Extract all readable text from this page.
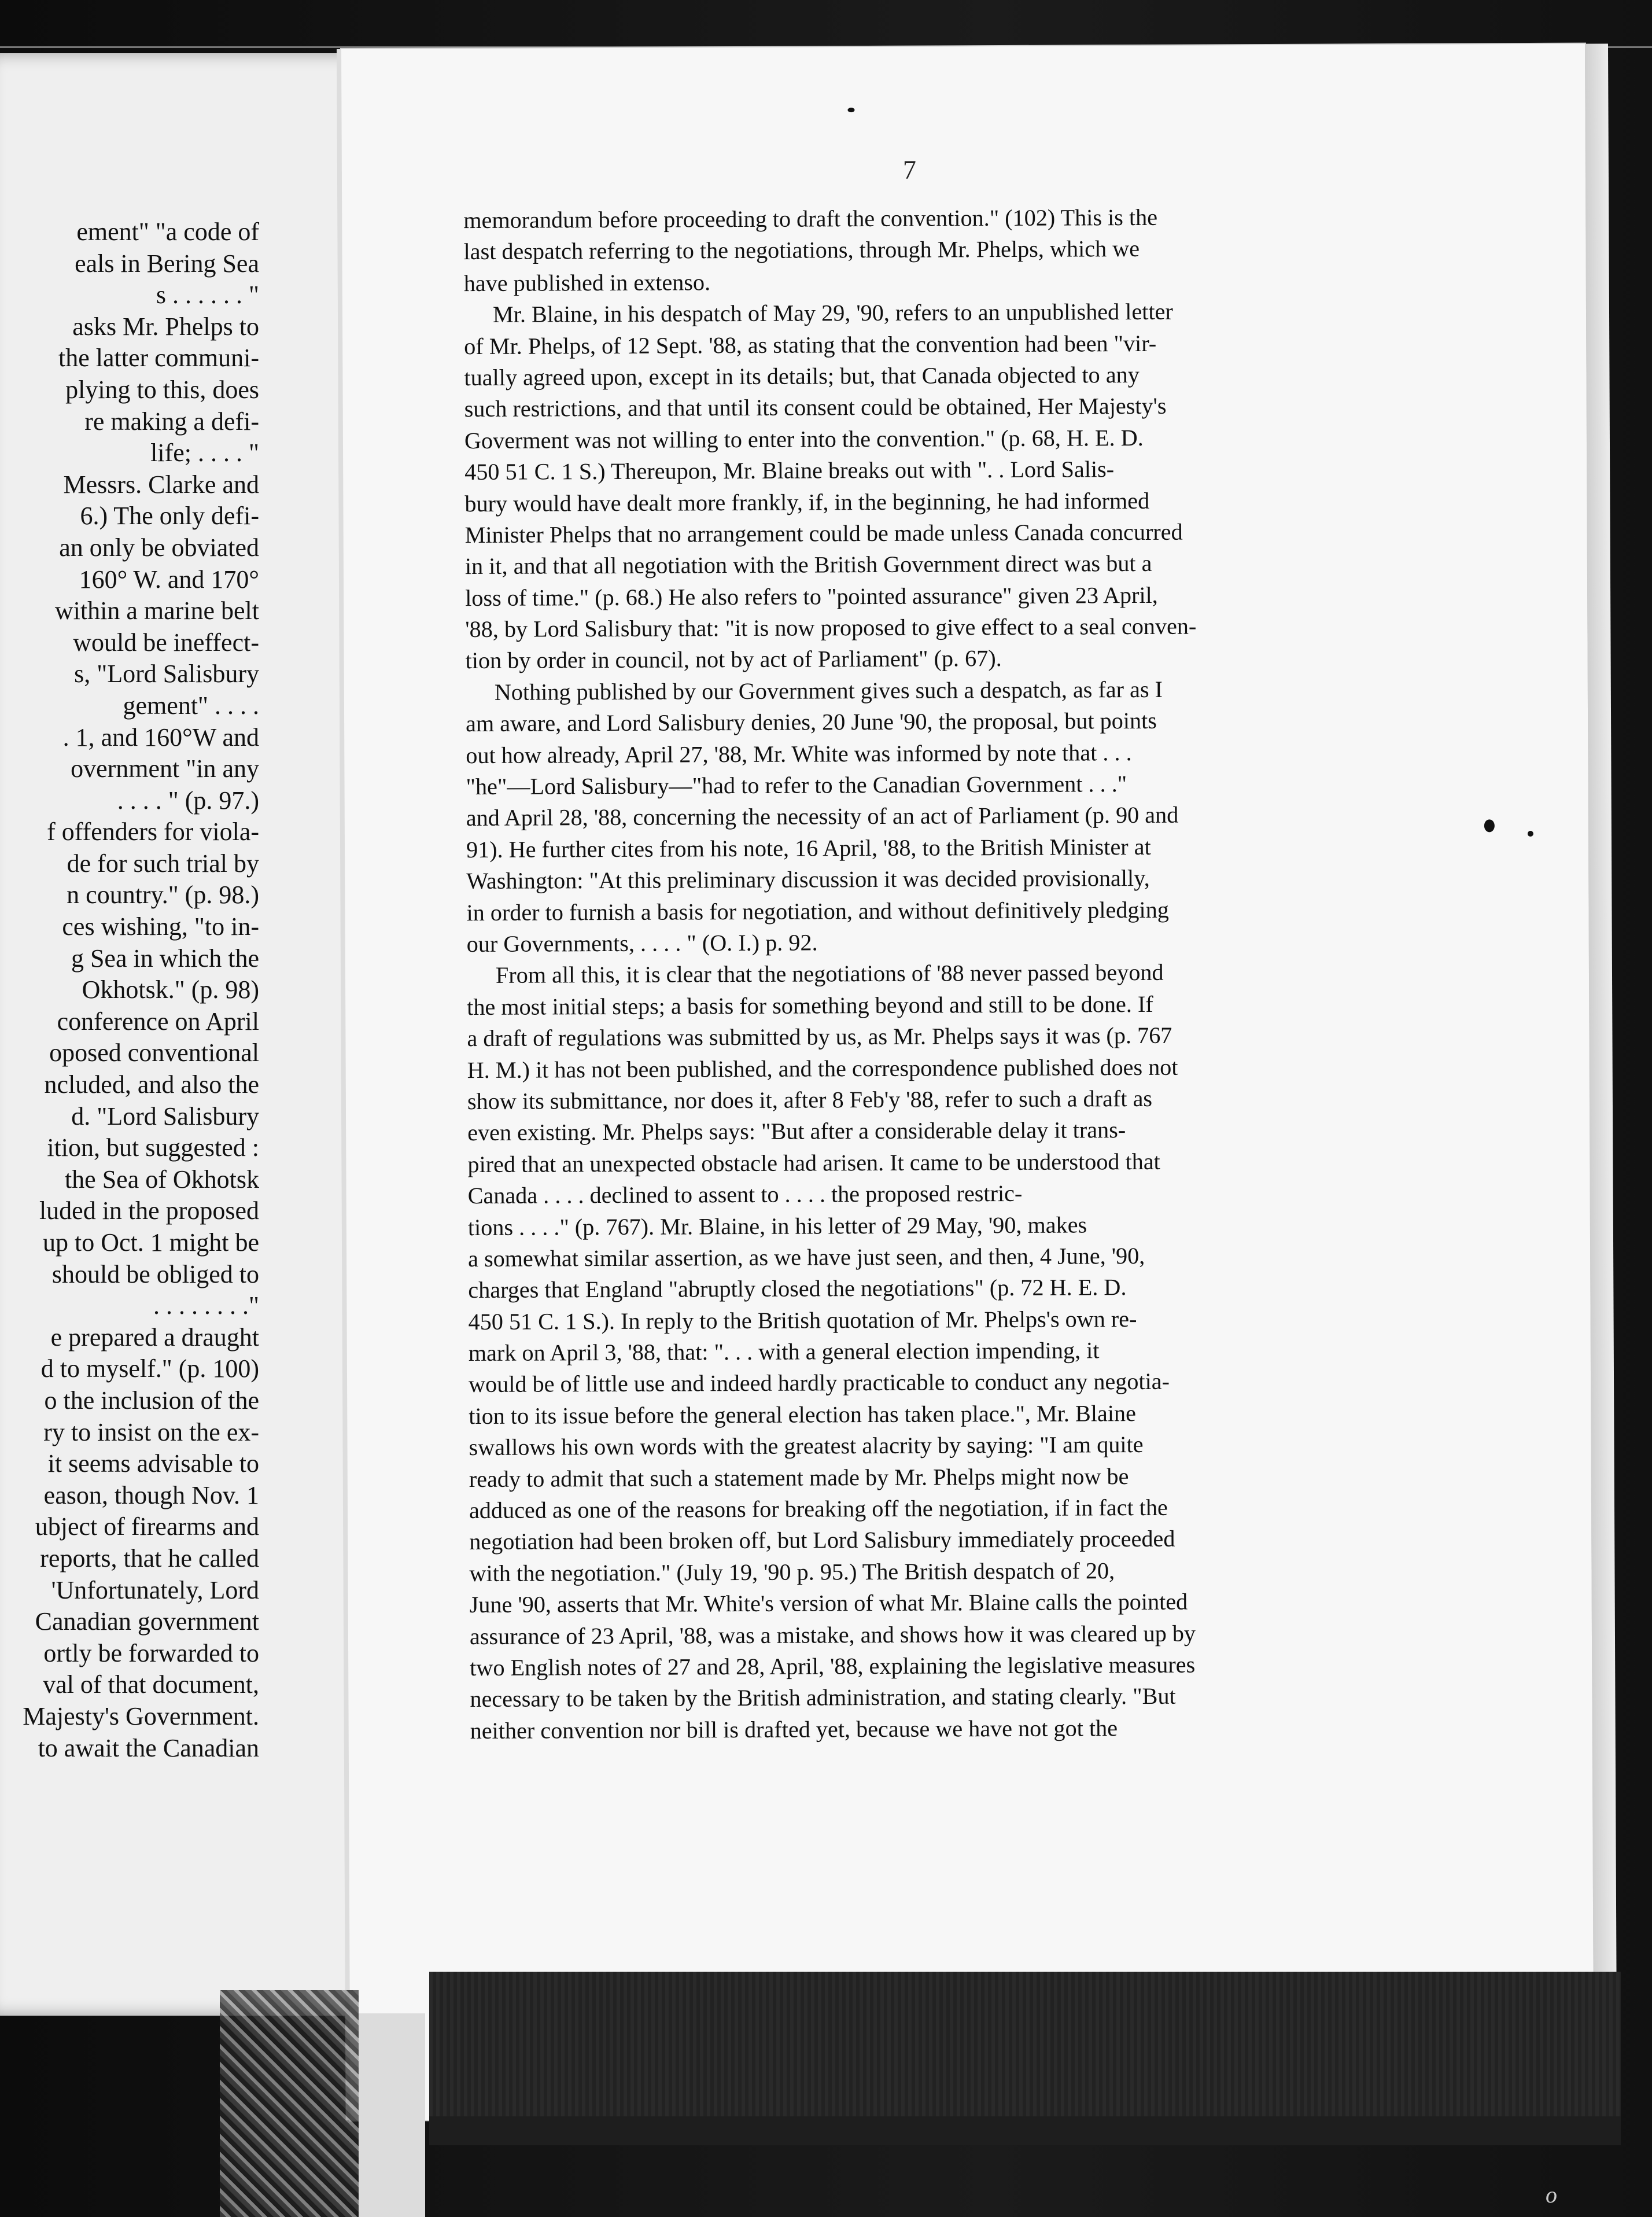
o
ement" "a code of
eals in Bering Sea
s . . . . . . "
asks Mr. Phelps to
the latter communi-
plying to this, does
re making a defi-
life; . . . . "
Messrs. Clarke and
6.) The only defi-
an only be obviated
160° W. and 170°
within a marine belt
would be ineffect-
s, "Lord Salisbury
gement" . . . .
. 1, and 160°W and
overnment "in any
. . . . " (p. 97.)
f offenders for viola-
de for such trial by
n country." (p. 98.)
ces wishing, "to in-
g Sea in which the
Okhotsk." (p. 98)
conference on April
oposed conventional
ncluded, and also the
d. "Lord Salisbury
ition, but suggested :
the Sea of Okhotsk
luded in the proposed
up to Oct. 1 might be
should be obliged to
. . . . . . . ."
e prepared a draught
d to myself." (p. 100)
o the inclusion of the
ry to insist on the ex-
it seems advisable to
eason, though Nov. 1
ubject of firearms and
reports, that he called
'Unfortunately, Lord
Canadian government
ortly be forwarded to
val of that document,
Majesty's Government.
to await the Canadian
7
memorandum before proceeding to draft the convention." (102) This is the
last despatch referring to the negotiations, through Mr. Phelps, which we
have published in extenso.
Mr. Blaine, in his despatch of May 29, '90, refers to an unpublished letter
of Mr. Phelps, of 12 Sept. '88, as stating that the convention had been "vir-
tually agreed upon, except in its details; but, that Canada objected to any
such restrictions, and that until its consent could be obtained, Her Majesty's
Goverment was not willing to enter into the convention." (p. 68, H. E. D.
450 51 C. 1 S.) Thereupon, Mr. Blaine breaks out with ". . Lord Salis-
bury would have dealt more frankly, if, in the beginning, he had informed
Minister Phelps that no arrangement could be made unless Canada concurred
in it, and that all negotiation with the British Government direct was but a
loss of time." (p. 68.) He also refers to "pointed assurance" given 23 April,
'88, by Lord Salisbury that: "it is now proposed to give effect to a seal conven-
tion by order in council, not by act of Parliament" (p. 67).
Nothing published by our Government gives such a despatch, as far as I
am aware, and Lord Salisbury denies, 20 June '90, the proposal, but points
out how already, April 27, '88, Mr. White was informed by note that . . .
"he"—Lord Salisbury—"had to refer to the Canadian Government . . ."
and April 28, '88, concerning the necessity of an act of Parliament (p. 90 and
91). He further cites from his note, 16 April, '88, to the British Minister at
Washington: "At this preliminary discussion it was decided provisionally,
in order to furnish a basis for negotiation, and without definitively pledging
our Governments, . . . . " (O. I.) p. 92.
From all this, it is clear that the negotiations of '88 never passed beyond
the most initial steps; a basis for something beyond and still to be done. If
a draft of regulations was submitted by us, as Mr. Phelps says it was (p. 767
H. M.) it has not been published, and the correspondence published does not
show its submittance, nor does it, after 8 Feb'y '88, refer to such a draft as
even existing. Mr. Phelps says: "But after a considerable delay it trans-
pired that an unexpected obstacle had arisen. It came to be understood that
Canada . . . . declined to assent to . . . . the proposed restric-
tions . . . ." (p. 767). Mr. Blaine, in his letter of 29 May, '90, makes
a somewhat similar assertion, as we have just seen, and then, 4 June, '90,
charges that England "abruptly closed the negotiations" (p. 72 H. E. D.
450 51 C. 1 S.). In reply to the British quotation of Mr. Phelps's own re-
mark on April 3, '88, that: ". . . with a general election impending, it
would be of little use and indeed hardly practicable to conduct any negotia-
tion to its issue before the general election has taken place.", Mr. Blaine
swallows his own words with the greatest alacrity by saying: "I am quite
ready to admit that such a statement made by Mr. Phelps might now be
adduced as one of the reasons for breaking off the negotiation, if in fact the
negotiation had been broken off, but Lord Salisbury immediately proceeded
with the negotiation." (July 19, '90 p. 95.) The British despatch of 20,
June '90, asserts that Mr. White's version of what Mr. Blaine calls the pointed
assurance of 23 April, '88, was a mistake, and shows how it was cleared up by
two English notes of 27 and 28, April, '88, explaining the legislative measures
necessary to be taken by the British administration, and stating clearly. "But
neither convention nor bill is drafted yet, because we have not got the
